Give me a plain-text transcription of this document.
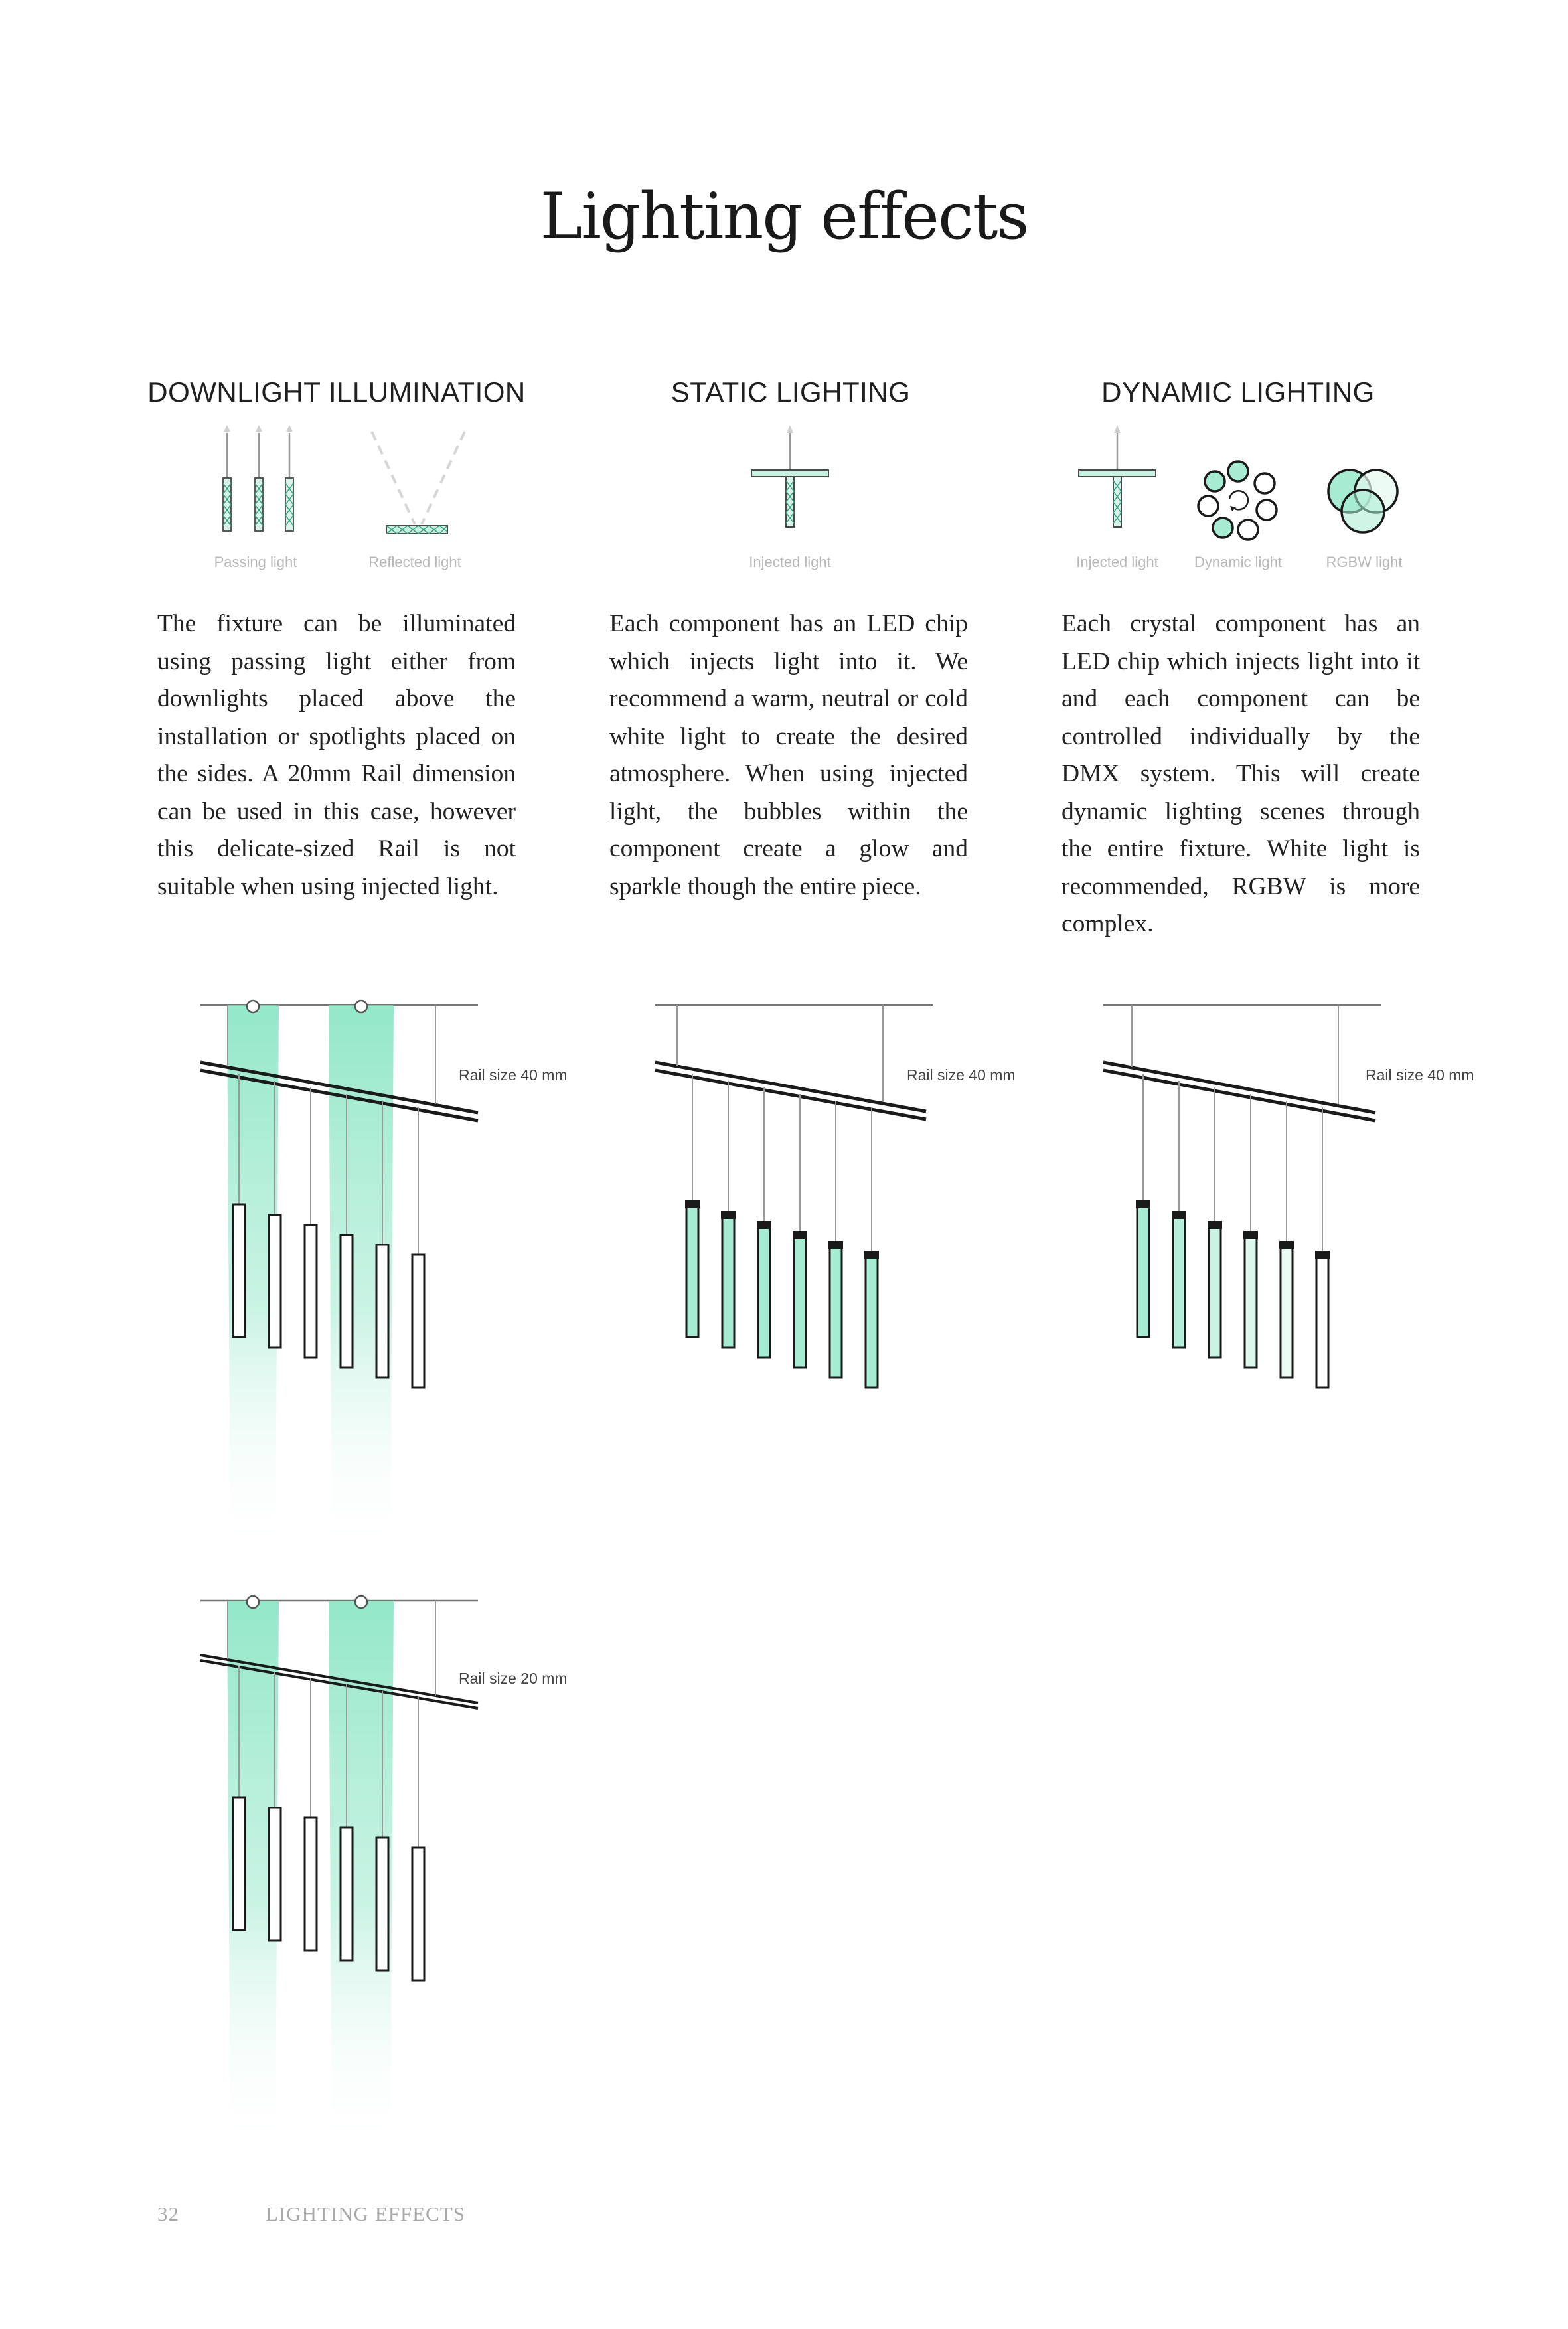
Lighting effects
DOWNLIGHT ILLUMINATION	STATIC LIGHTING	DYNAMIC LIGHTING
Passing light	Reflected light	Injected light	Injected light	Dynamic light	RGBW light
The fixture can be illuminated using passing light either from downlights placed above the installation or spotlights placed on the sides. A 20mm Rail dimension can be used in this case, however this delicate-sized Rail is not suitable when using injected light.
Each component has an LED chip which injects light into it. We recommend a warm, neutral or cold white light to create the desired atmosphere. When using injected light, the bubbles within the component create a glow and sparkle though the entire piece.
Each crystal component has an LED chip which injects light into it and each component can be controlled individually by the DMX system. This will create dynamic lighting scenes through the entire fixture. White light is recommended, RGBW is more complex.
Rail size 40 mm	Rail size 40 mm	Rail size 40 mm
Rail size 20 mm
32	LIGHTING EFFECTS
